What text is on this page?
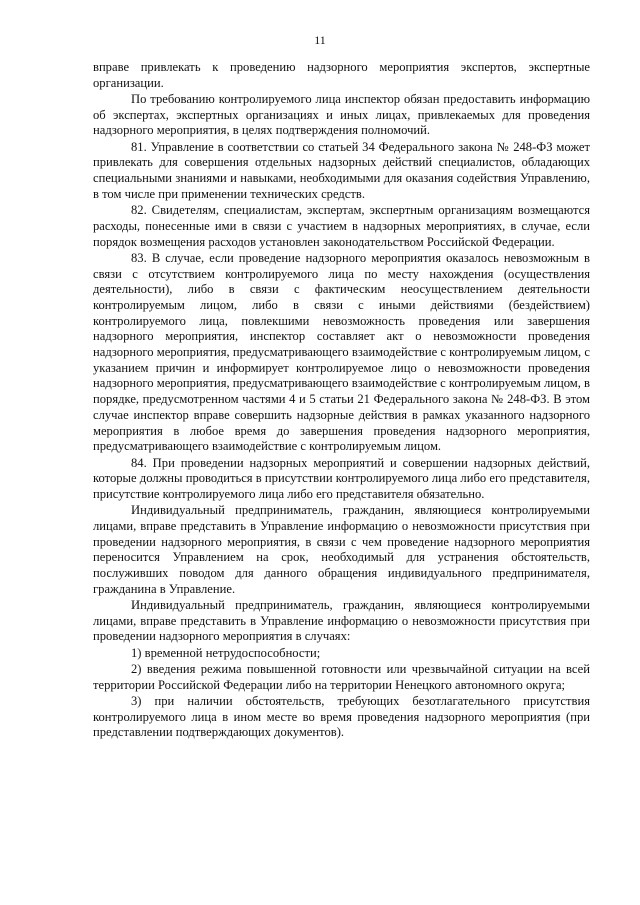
11

вправе привлекать к проведению надзорного мероприятия экспертов, экспертные организации.

По требованию контролируемого лица инспектор обязан предоставить информацию об экспертах, экспертных организациях и иных лицах, привлекаемых для проведения надзорного мероприятия, в целях подтверждения полномочий.

81. Управление в соответствии со статьей 34 Федерального закона № 248-ФЗ может привлекать для совершения отдельных надзорных действий специалистов, обладающих специальными знаниями и навыками, необходимыми для оказания содействия Управлению, в том числе при применении технических средств.

82. Свидетелям, специалистам, экспертам, экспертным организациям возмещаются расходы, понесенные ими в связи с участием в надзорных мероприятиях, в случае, если порядок возмещения расходов установлен законодательством Российской Федерации.

83. В случае, если проведение надзорного мероприятия оказалось невозможным в связи с отсутствием контролируемого лица по месту нахождения (осуществления деятельности), либо в связи с фактическим неосуществлением деятельности контролируемым лицом, либо в связи с иными действиями (бездействием) контролируемого лица, повлекшими невозможность проведения или завершения надзорного мероприятия, инспектор составляет акт о невозможности проведения надзорного мероприятия, предусматривающего взаимодействие с контролируемым лицом, с указанием причин и информирует контролируемое лицо о невозможности проведения надзорного мероприятия, предусматривающего взаимодействие с контролируемым лицом, в порядке, предусмотренном частями 4 и 5 статьи 21 Федерального закона № 248-ФЗ. В этом случае инспектор вправе совершить надзорные действия в рамках указанного надзорного мероприятия в любое время до завершения проведения надзорного мероприятия, предусматривающего взаимодействие с контролируемым лицом.

84. При проведении надзорных мероприятий и совершении надзорных действий, которые должны проводиться в присутствии контролируемого лица либо его представителя, присутствие контролируемого лица либо его представителя обязательно.

Индивидуальный предприниматель, гражданин, являющиеся контролируемыми лицами, вправе представить в Управление информацию о невозможности присутствия при проведении надзорного мероприятия, в связи с чем проведение надзорного мероприятия переносится Управлением на срок, необходимый для устранения обстоятельств, послуживших поводом для данного обращения индивидуального предпринимателя, гражданина в Управление.

Индивидуальный предприниматель, гражданин, являющиеся контролируемыми лицами, вправе представить в Управление информацию о невозможности присутствия при проведении надзорного мероприятия в случаях:

1) временной нетрудоспособности;

2) введения режима повышенной готовности или чрезвычайной ситуации на всей территории Российской Федерации либо на территории Ненецкого автономного округа;

3) при наличии обстоятельств, требующих безотлагательного присутствия контролируемого лица в ином месте во время проведения надзорного мероприятия (при представлении подтверждающих документов).
